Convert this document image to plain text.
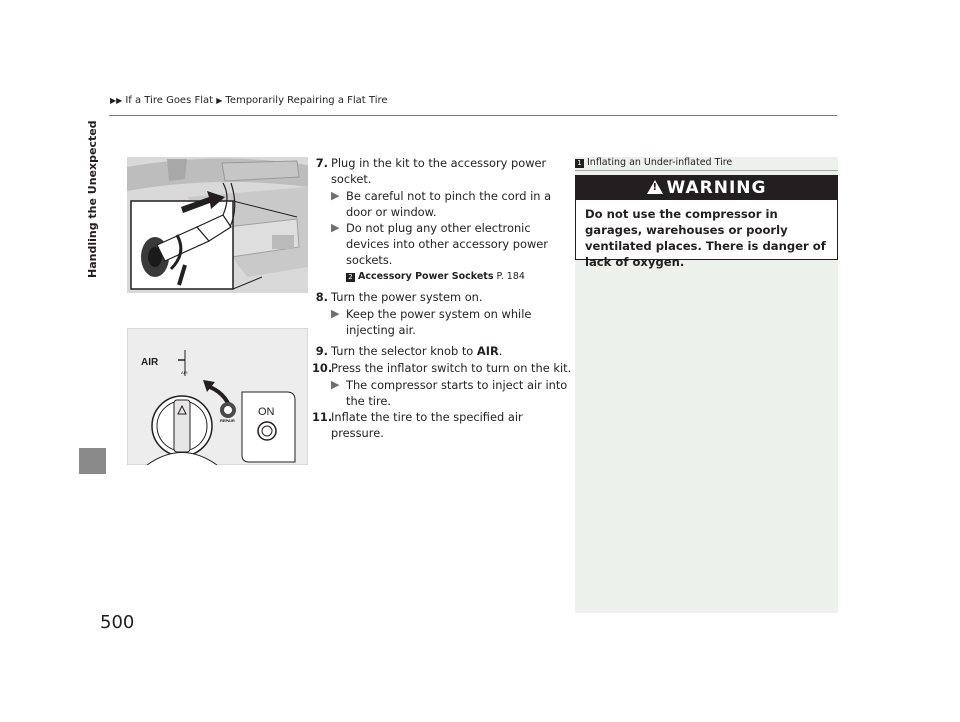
▶▶ If a Tire Goes Flat ▶ Temporarily Repairing a Flat Tire
Handling the Unexpected
500
AIR
AIR
REPAIR
ON
7. Plug in the kit to the accessory power socket.
▶ Be careful not to pinch the cord in a door or window.
▶ Do not plug any other electronic devices into other accessory power sockets.
2 Accessory Power Sockets P. 184
8. Turn the power system on.
▶ Keep the power system on while injecting air.
9. Turn the selector knob to AIR.
10.
Press the inflator switch to turn on the kit.
▶ The compressor starts to inject air into the tire.
11.
Inflate the tire to the specified air pressure.
1 Inflating an Under-inflated Tire
! WARNING
Do not use the compressor in garages, warehouses or poorly ventilated places. There is danger of lack of oxygen.
